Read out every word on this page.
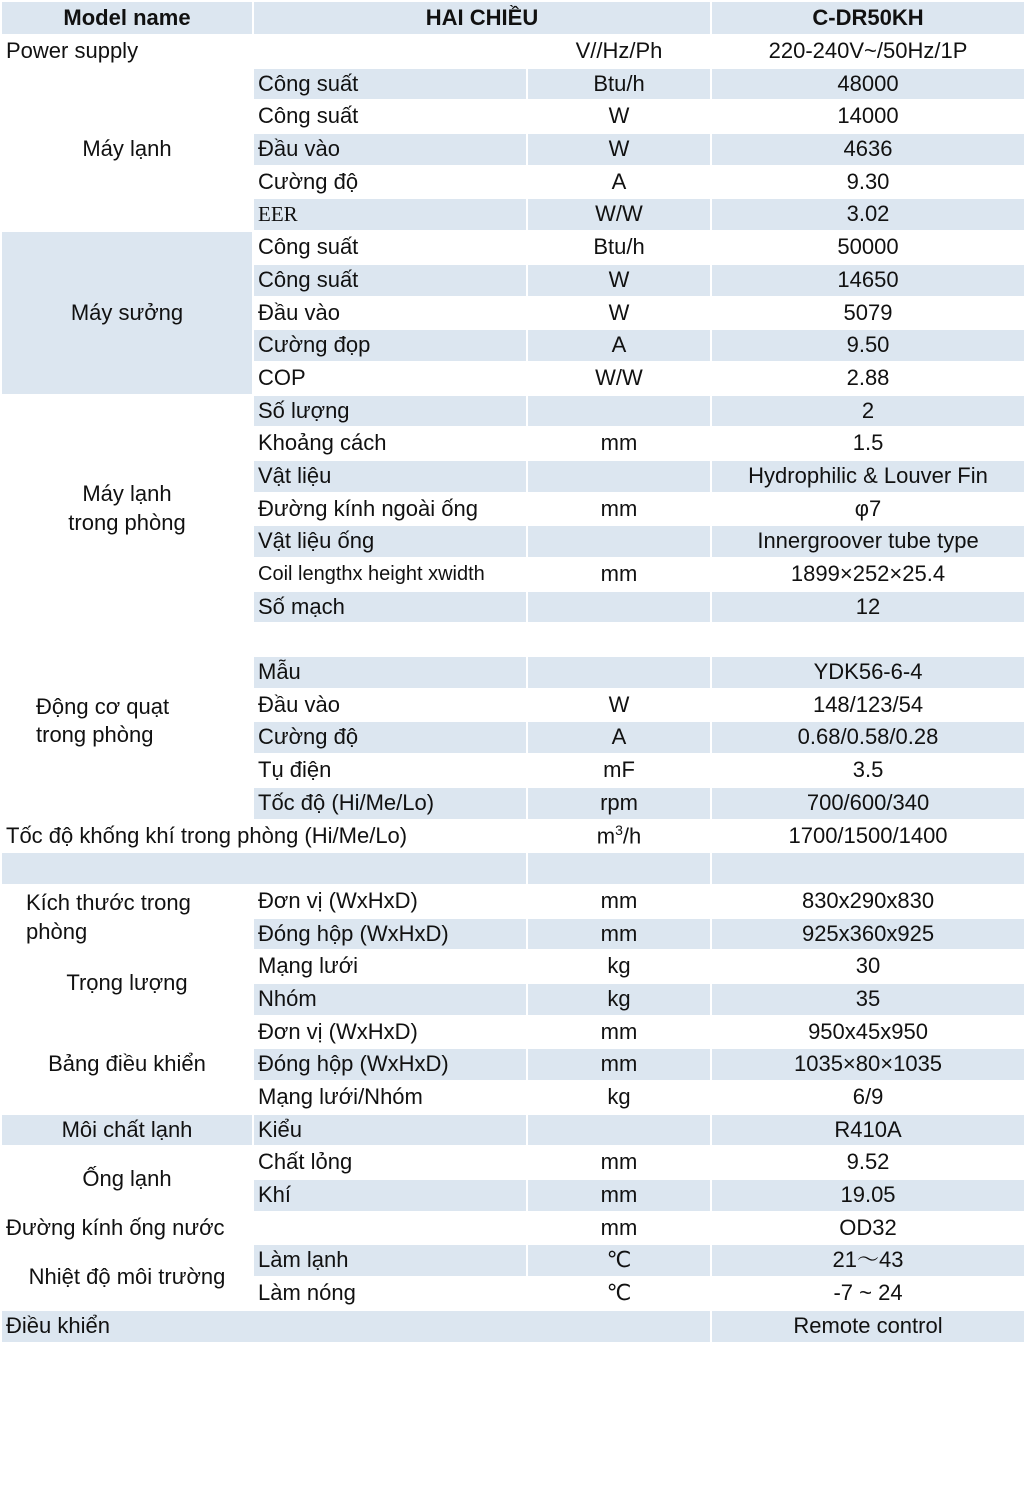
Model name	HAI CHIỀU		C-DR50KH
Power supply		V//Hz/Ph	220-240V~/50Hz/1P
Máy lạnh	Công suất	Btu/h	48000
	Công suất	W	14000
	Đầu vào	W	4636
	Cường độ	A	9.30
	EER	W/W	3.02
Máy sưởng	Công suất	Btu/h	50000
	Công suất	W	14650
	Đầu vào	W	5079
	Cường đọp	A	9.50
	COP	W/W	2.88
Máy lạnh
trong phòng	Số lượng		2
	Khoảng cách	mm	1.5
	Vật liệu		Hydrophilic & Louver Fin
	Đường kính ngoài ống	mm	φ7
	Vật liệu ống		Innergroover tube type
	Coil lengthx height xwidth	mm	1899×252×25.4
	Số mạch		12
Động cơ quạt
trong phòng			
	Mẫu		YDK56-6-4
	Đầu vào	W	148/123/54
	Cường độ	A	0.68/0.58/0.28
	Tụ điện	mF	3.5
	Tốc độ (Hi/Me/Lo)	rpm	700/600/340
Tốc độ khống khí trong phòng (Hi/Me/Lo)		$m^3/h$	1700/1500/1400

Kích thước trong
phòng	Đơn vị (WxHxD)	mm	830x290x830
	Đóng hộp (WxHxD)	mm	925x360x925
Trọng lượng	Mạng lưới	kg	30
	Nhóm	kg	35
Bảng điều khiển	Đơn vị (WxHxD)	mm	950x45x950
	Đóng hộp (WxHxD)	mm	1035×80×1035
	Mạng lưới/Nhóm	kg	6/9
Môi chất lạnh	Kiểu		R410A
Ống lạnh	Chất lỏng	mm	9.52
	Khí	mm	19.05
Đường kính ống nước		mm	OD32
Nhiệt độ môi trường	Làm lạnh	℃	21～43
	Làm nóng	℃	-7 ~ 24
Điều khiển			Remote control
